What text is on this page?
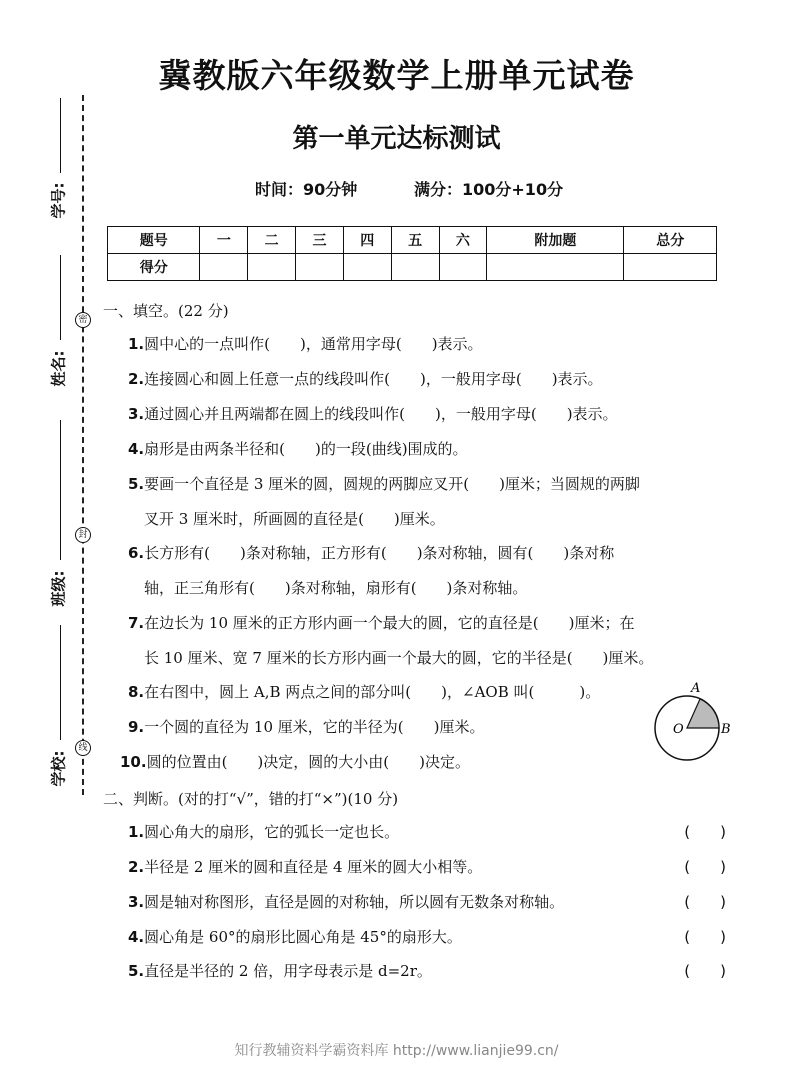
密
封
线
学号:
姓名:
班级:
学校:
冀教版六年级数学上册单元试卷
第一单元达标测试
时间：90分钟	满分：100分+10分
题号	一	二	三	四	五	六	附加题	总分
得分								
一、填空。(22 分)
1.圆中心的一点叫作(　　)，通常用字母(　　)表示。
2.连接圆心和圆上任意一点的线段叫作(　　)，一般用字母(　　)表示。
3.通过圆心并且两端都在圆上的线段叫作(　　)，一般用字母(　　)表示。
4.扇形是由两条半径和(　　)的一段(曲线)围成的。
5.要画一个直径是 3 厘米的圆，圆规的两脚应叉开(　　)厘米；当圆规的两脚
叉开 3 厘米时，所画圆的直径是(　　)厘米。
6.长方形有(　　)条对称轴，正方形有(　　)条对称轴，圆有(　　)条对称
轴，正三角形有(　　)条对称轴，扇形有(　　)条对称轴。
7.在边长为 10 厘米的正方形内画一个最大的圆，它的直径是(　　)厘米；在
长 10 厘米、宽 7 厘米的长方形内画一个最大的圆，它的半径是(　　)厘米。
8.在右图中，圆上 A,B 两点之间的部分叫(　　)，∠AOB 叫(　　　)。
9.一个圆的直径为 10 厘米，它的半径为(　　)厘米。
10.圆的位置由(　　)决定，圆的大小由(　　)决定。
A
B
O
二、判断。(对的打“√”，错的打“×”)(10 分)
1.圆心角大的扇形，它的弧长一定也长。	(　　)
2.半径是 2 厘米的圆和直径是 4 厘米的圆大小相等。	(　　)
3.圆是轴对称图形，直径是圆的对称轴，所以圆有无数条对称轴。	(　　)
4.圆心角是 60°的扇形比圆心角是 45°的扇形大。	(　　)
5.直径是半径的 2 倍，用字母表示是 d=2r。	(　　)
知行教辅资料学霸资料库 http://www.lianjie99.cn/
